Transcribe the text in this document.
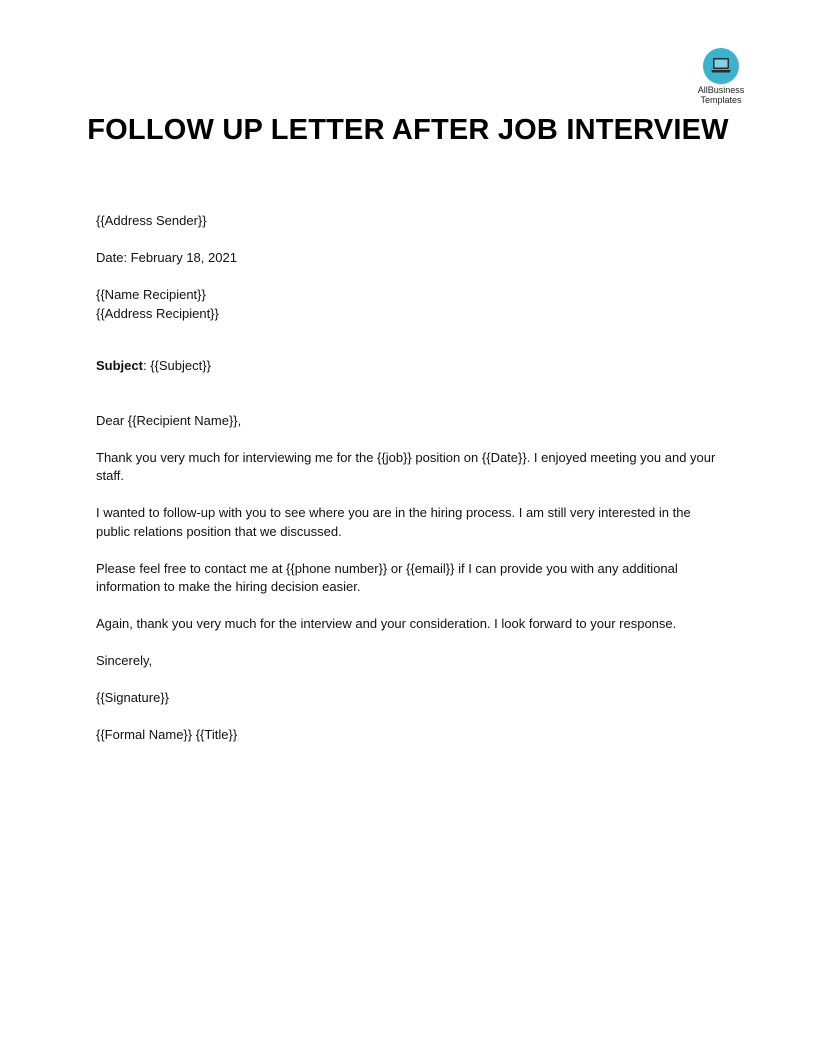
AllBusiness
Templates
FOLLOW UP LETTER AFTER JOB INTERVIEW

{{Address Sender}}

Date: February 18, 2021

{{Name Recipient}}

{{Address Recipient}}

Subject: {{Subject}}

Dear {{Recipient Name}},

Thank you very much for interviewing me for the {{job}} position on {{Date}}. I enjoyed meeting you and your staff.

I wanted to follow-up with you to see where you are in the hiring process. I am still very interested in the public relations position that we discussed.

Please feel free to contact me at {{phone number}} or {{email}} if I can provide you with any additional information to make the hiring decision easier.

Again, thank you very much for the interview and your consideration. I look forward to your response.

Sincerely,

{{Signature}}

{{Formal Name}} {{Title}}
